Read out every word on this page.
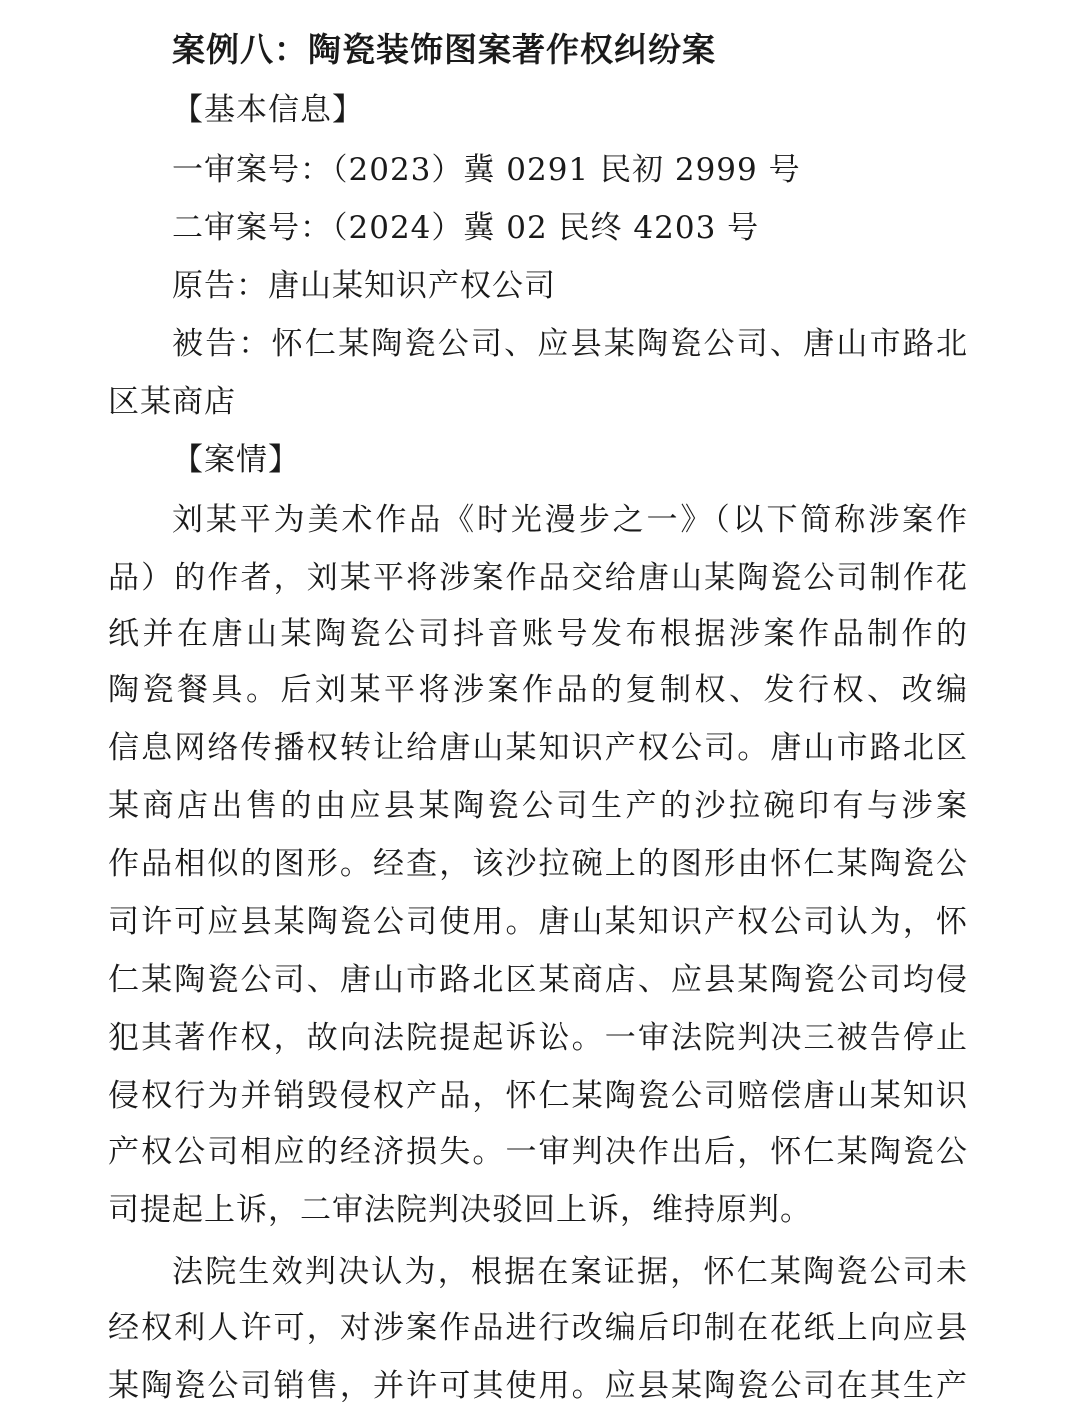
案例八：陶瓷装饰图案著作权纠纷案
【基本信息】
一审案号：（2023）冀 0291 民初 2999 号
二审案号：（2024）冀 02 民终 4203 号
原告：唐山某知识产权公司
被告：怀仁某陶瓷公司、应县某陶瓷公司、唐山市路北
区某商店
【案情】
刘某平为美术作品《时光漫步之一》（以下简称涉案作
品）的作者，刘某平将涉案作品交给唐山某陶瓷公司制作花
纸并在唐山某陶瓷公司抖音账号发布根据涉案作品制作的
陶瓷餐具。后刘某平将涉案作品的复制权、发行权、改编
信息网络传播权转让给唐山某知识产权公司。唐山市路北区
某商店出售的由应县某陶瓷公司生产的沙拉碗印有与涉案
作品相似的图形。经查，该沙拉碗上的图形由怀仁某陶瓷公
司许可应县某陶瓷公司使用。唐山某知识产权公司认为，怀
仁某陶瓷公司、唐山市路北区某商店、应县某陶瓷公司均侵
犯其著作权，故向法院提起诉讼。一审法院判决三被告停止
侵权行为并销毁侵权产品，怀仁某陶瓷公司赔偿唐山某知识
产权公司相应的经济损失。一审判决作出后，怀仁某陶瓷公
司提起上诉，二审法院判决驳回上诉，维持原判。
法院生效判决认为，根据在案证据，怀仁某陶瓷公司未
经权利人许可，对涉案作品进行改编后印制在花纸上向应县
某陶瓷公司销售，并许可其使用。应县某陶瓷公司在其生产
